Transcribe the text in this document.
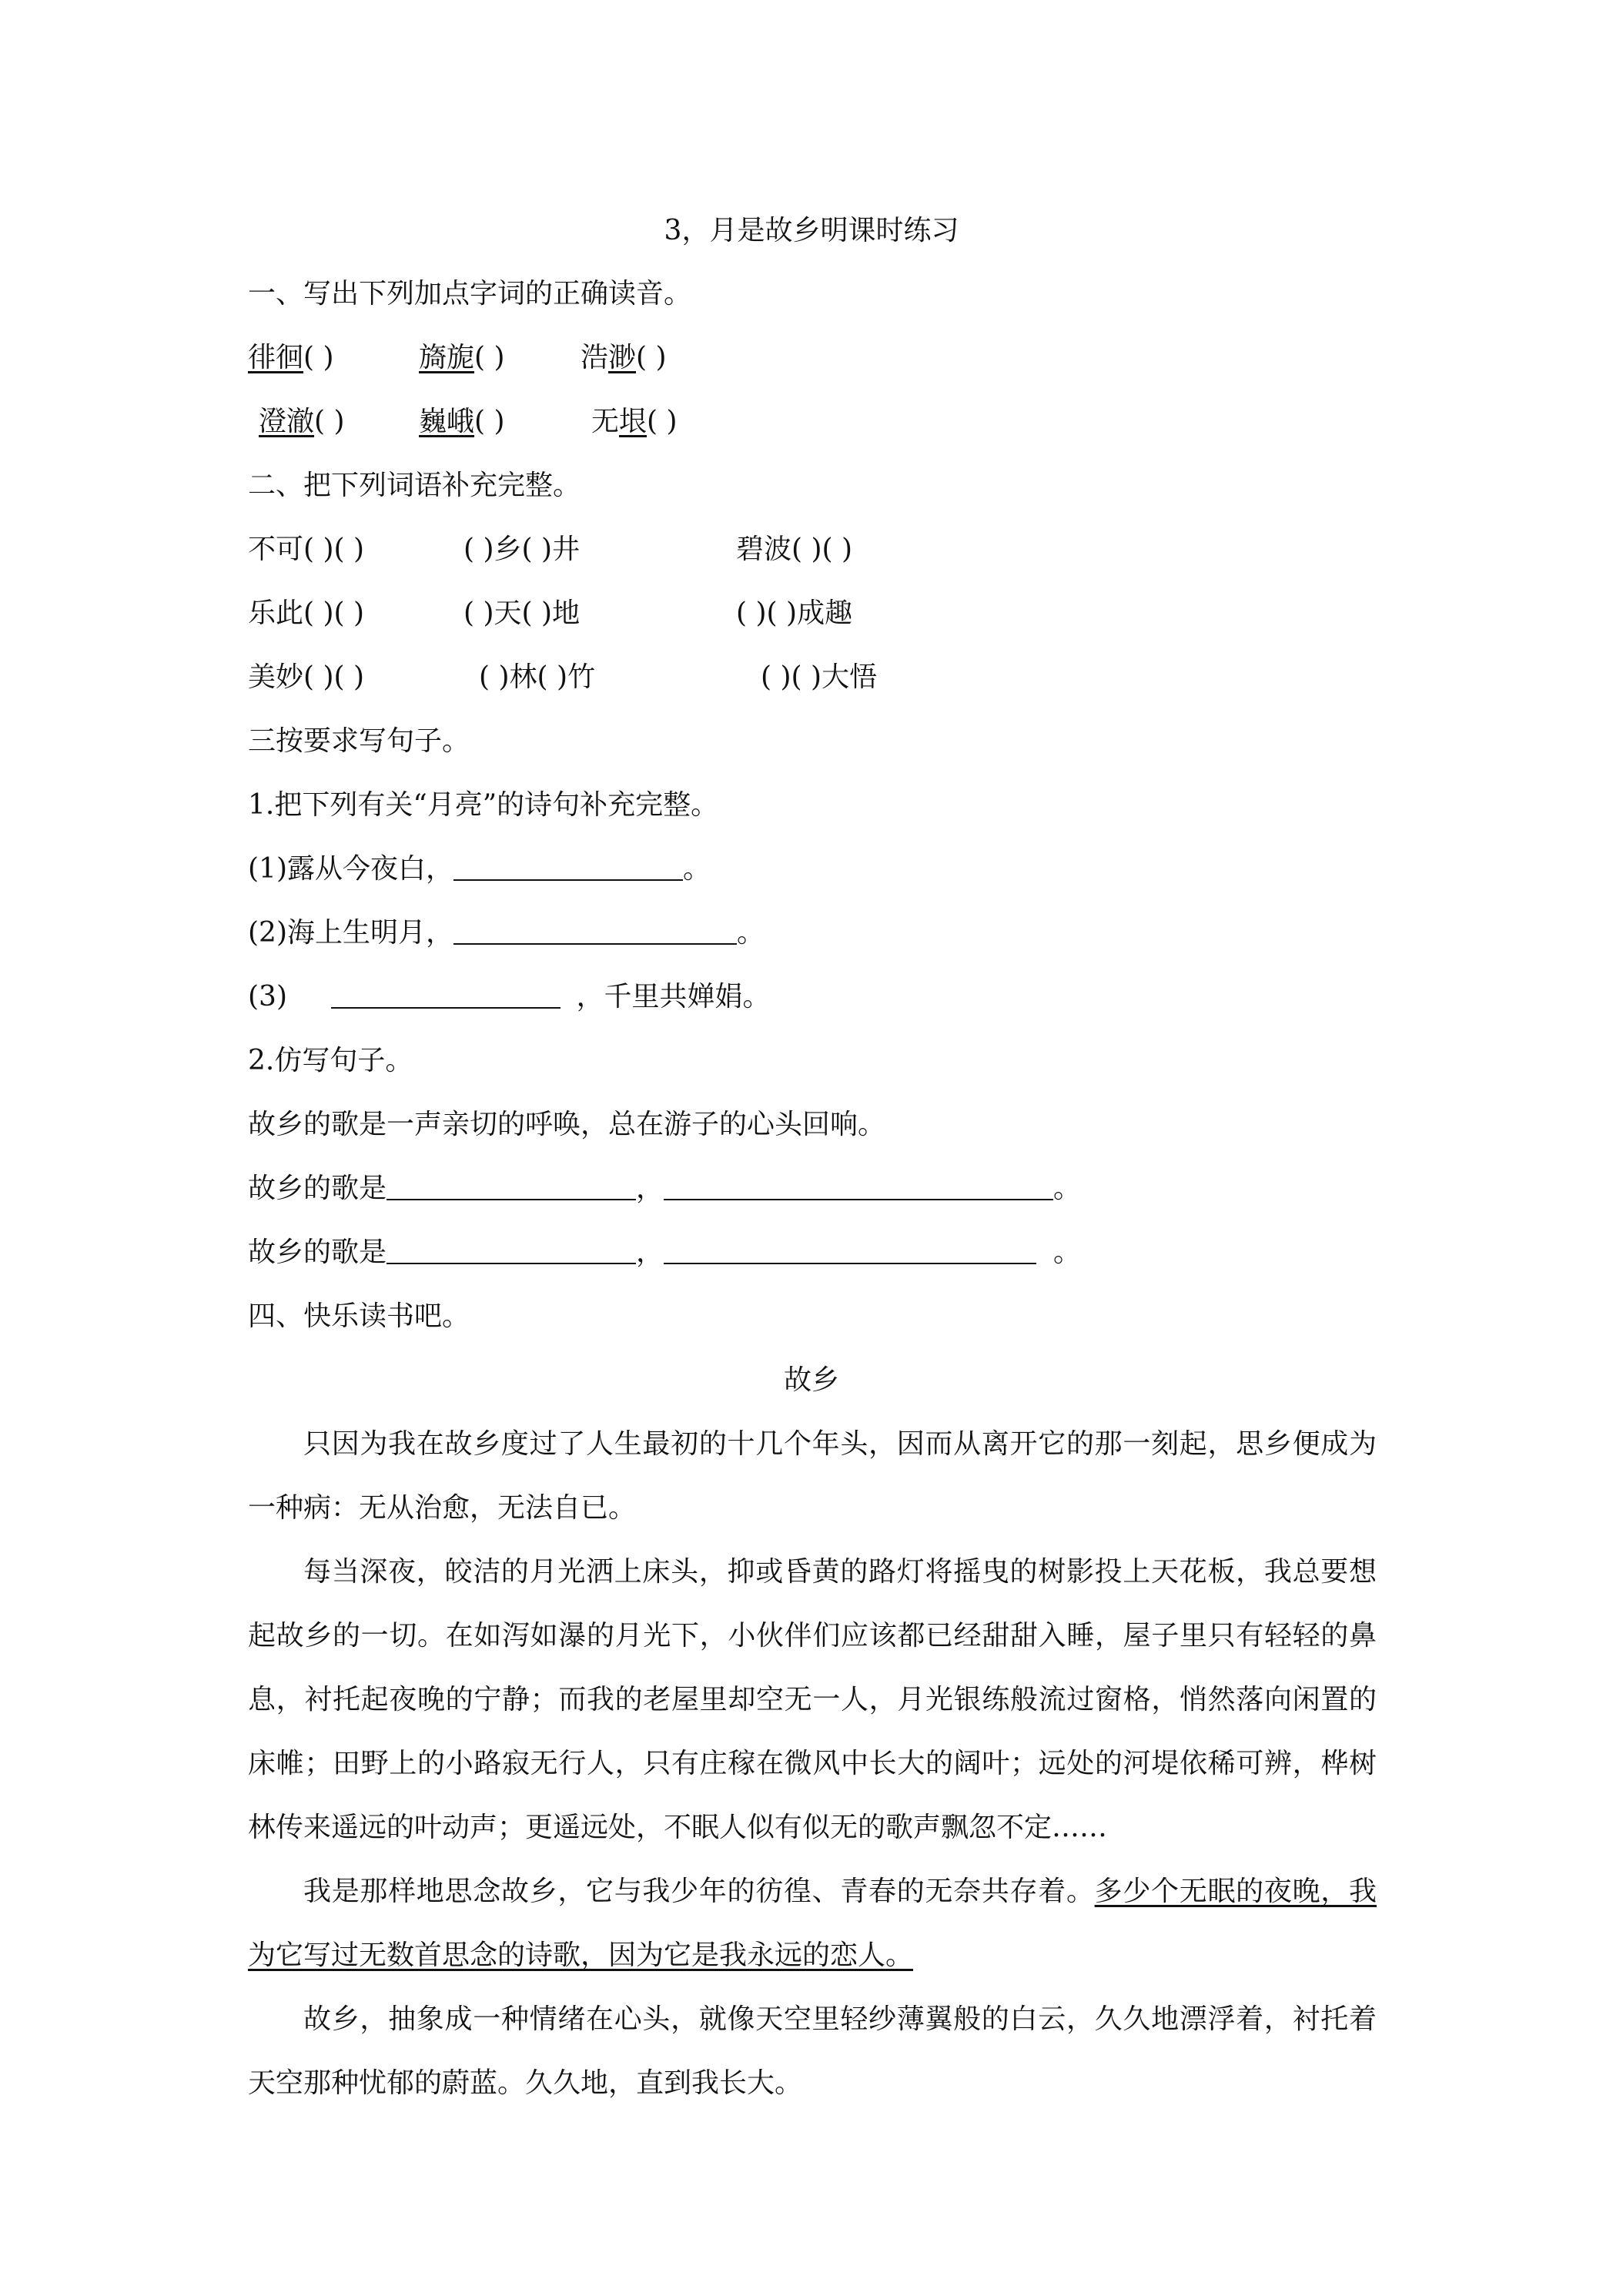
3，月是故乡明课时练习
一、写出下列加点字词的正确读音。
徘徊( )	旖旎( )	浩渺( )
澄澈( )	巍峨( )	无垠( )
二、把下列词语补充完整。
不可( )( )	( )乡( )井	碧波( )( )
乐此( )( )	( )天( )地	( )( )成趣
美妙( )( )	( )林( )竹	( )( )大悟
三按要求写句子。
1.把下列有关“月亮”的诗句补充完整。
(1)露从今夜白，	。
(2)海上生明月，	。
(3)	，千里共婵娟。
2.仿写句子。
故乡的歌是一声亲切的呼唤，总在游子的心头回响。
故乡的歌是	，	。
故乡的歌是	，	。
四、快乐读书吧。
故乡
只因为我在故乡度过了人生最初的十几个年头，因而从离开它的那一刻起，思乡便成为一种病：无从治愈，无法自已。
每当深夜，皎洁的月光洒上床头，抑或昏黄的路灯将摇曳的树影投上天花板，我总要想起故乡的一切。在如泻如瀑的月光下，小伙伴们应该都已经甜甜入睡，屋子里只有轻轻的鼻息，衬托起夜晚的宁静；而我的老屋里却空无一人，月光银练般流过窗格，悄然落向闲置的床帷；田野上的小路寂无行人，只有庄稼在微风中长大的阔叶；远处的河堤依稀可辨，桦树林传来遥远的叶动声；更遥远处，不眠人似有似无的歌声飘忽不定……
我是那样地思念故乡，它与我少年的彷徨、青春的无奈共存着。多少个无眠的夜晚，我为它写过无数首思念的诗歌，因为它是我永远的恋人。
故乡，抽象成一种情绪在心头，就像天空里轻纱薄翼般的白云，久久地漂浮着，衬托着天空那种忧郁的蔚蓝。久久地，直到我长大。
